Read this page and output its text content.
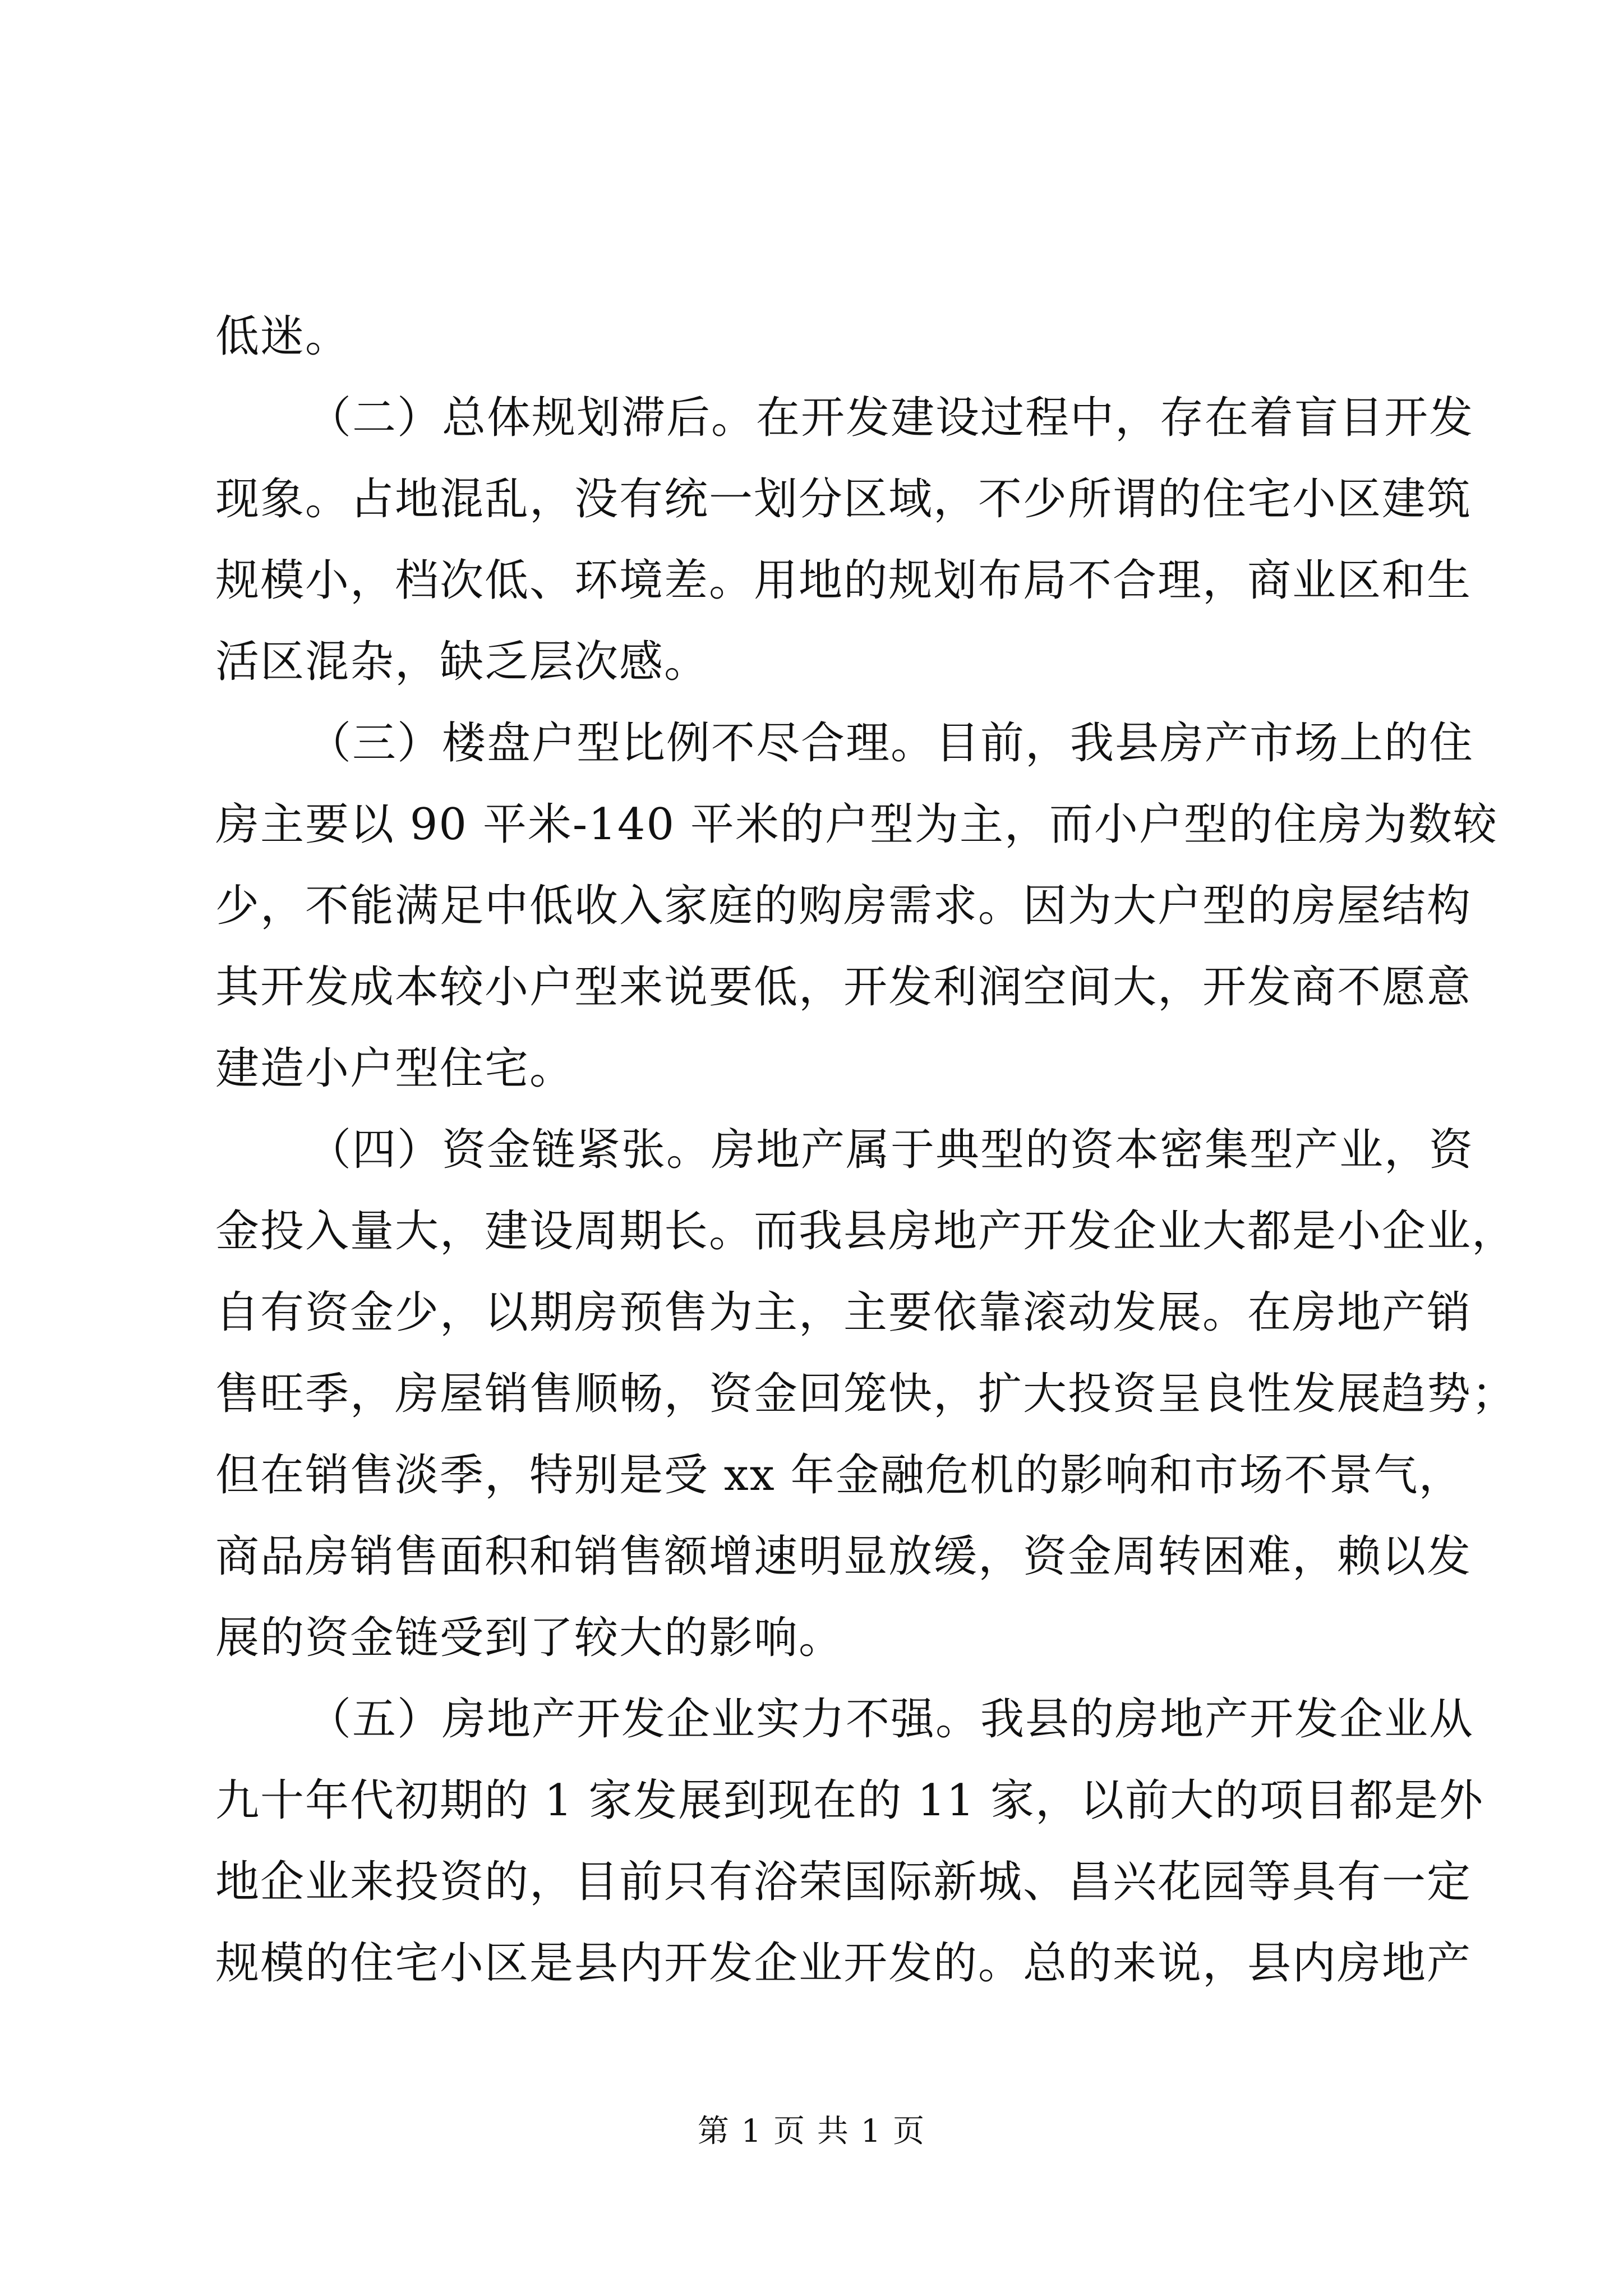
低迷。
（二）总体规划滞后。在开发建设过程中，存在着盲目开发
现象。占地混乱，没有统一划分区域，不少所谓的住宅小区建筑
规模小，档次低、环境差。用地的规划布局不合理，商业区和生
活区混杂，缺乏层次感。
（三）楼盘户型比例不尽合理。目前，我县房产市场上的住
房主要以 90 平米-140 平米的户型为主，而小户型的住房为数较
少，不能满足中低收入家庭的购房需求。因为大户型的房屋结构
其开发成本较小户型来说要低，开发利润空间大，开发商不愿意
建造小户型住宅。
（四）资金链紧张。房地产属于典型的资本密集型产业，资
金投入量大，建设周期长。而我县房地产开发企业大都是小企业，
自有资金少，以期房预售为主，主要依靠滚动发展。在房地产销
售旺季，房屋销售顺畅，资金回笼快，扩大投资呈良性发展趋势；
但在销售淡季，特别是受 xx 年金融危机的影响和市场不景气，
商品房销售面积和销售额增速明显放缓，资金周转困难，赖以发
展的资金链受到了较大的影响。
（五）房地产开发企业实力不强。我县的房地产开发企业从
九十年代初期的 1 家发展到现在的 11 家，以前大的项目都是外
地企业来投资的，目前只有浴荣国际新城、昌兴花园等具有一定
规模的住宅小区是县内开发企业开发的。总的来说，县内房地产
第 1 页 共 1 页
